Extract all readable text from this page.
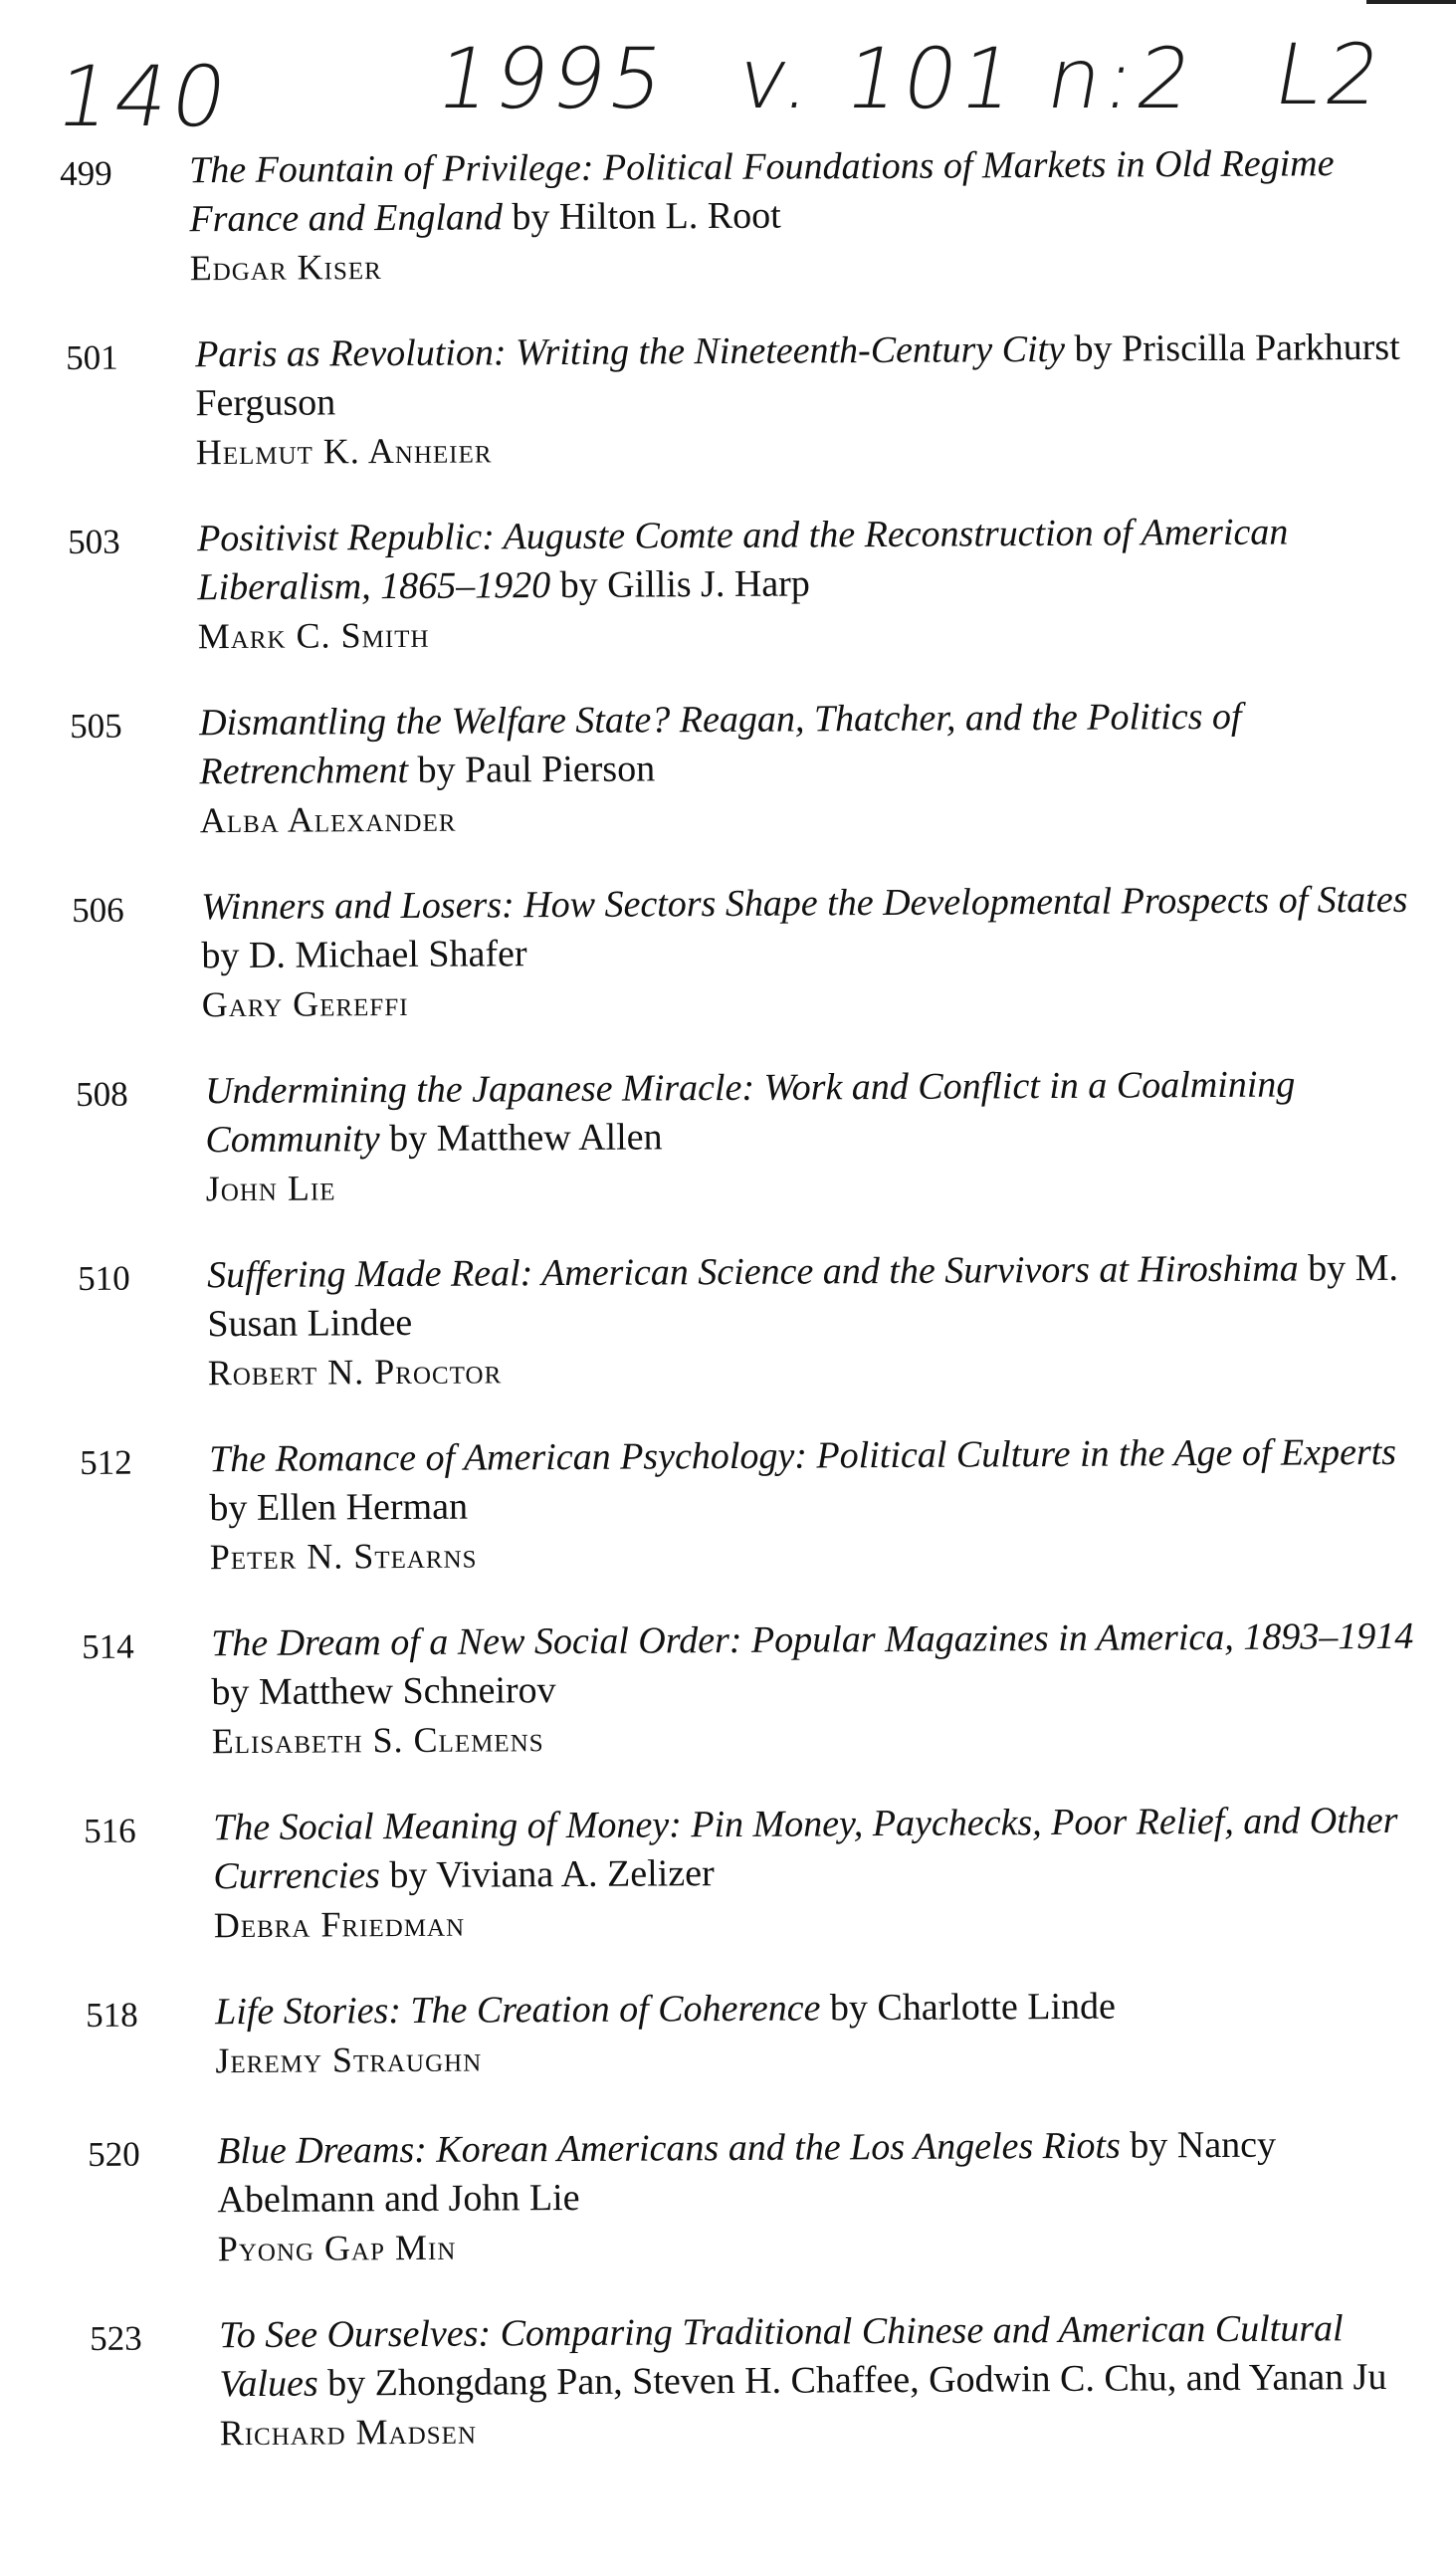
140 1995 v. 101 n:2 L2
499	The Fountain of Privilege: Political Foundations of Markets in Old Regime France and England by Hilton L. Root
Edgar Kiser
501	Paris as Revolution: Writing the Nineteenth-Century City by Priscilla Parkhurst Ferguson
Helmut K. Anheier
503	Positivist Republic: Auguste Comte and the Reconstruction of American Liberalism, 1865–1920 by Gillis J. Harp
Mark C. Smith
505	Dismantling the Welfare State? Reagan, Thatcher, and the Politics of Retrenchment by Paul Pierson
Alba Alexander
506	Winners and Losers: How Sectors Shape the Developmental Prospects of States by D. Michael Shafer
Gary Gereffi
508	Undermining the Japanese Miracle: Work and Conflict in a Coalmining Community by Matthew Allen
John Lie
510	Suffering Made Real: American Science and the Survivors at Hiroshima by M. Susan Lindee
Robert N. Proctor
512	The Romance of American Psychology: Political Culture in the Age of Experts by Ellen Herman
Peter N. Stearns
514	The Dream of a New Social Order: Popular Magazines in America, 1893–1914 by Matthew Schneirov
Elisabeth S. Clemens
516	The Social Meaning of Money: Pin Money, Paychecks, Poor Relief, and Other Currencies by Viviana A. Zelizer
Debra Friedman
518	Life Stories: The Creation of Coherence by Charlotte Linde
Jeremy Straughn
520	Blue Dreams: Korean Americans and the Los Angeles Riots by Nancy Abelmann and John Lie
Pyong Gap Min
523	To See Ourselves: Comparing Traditional Chinese and American Cultural Values by Zhongdang Pan, Steven H. Chaffee, Godwin C. Chu, and Yanan Ju
Richard Madsen
